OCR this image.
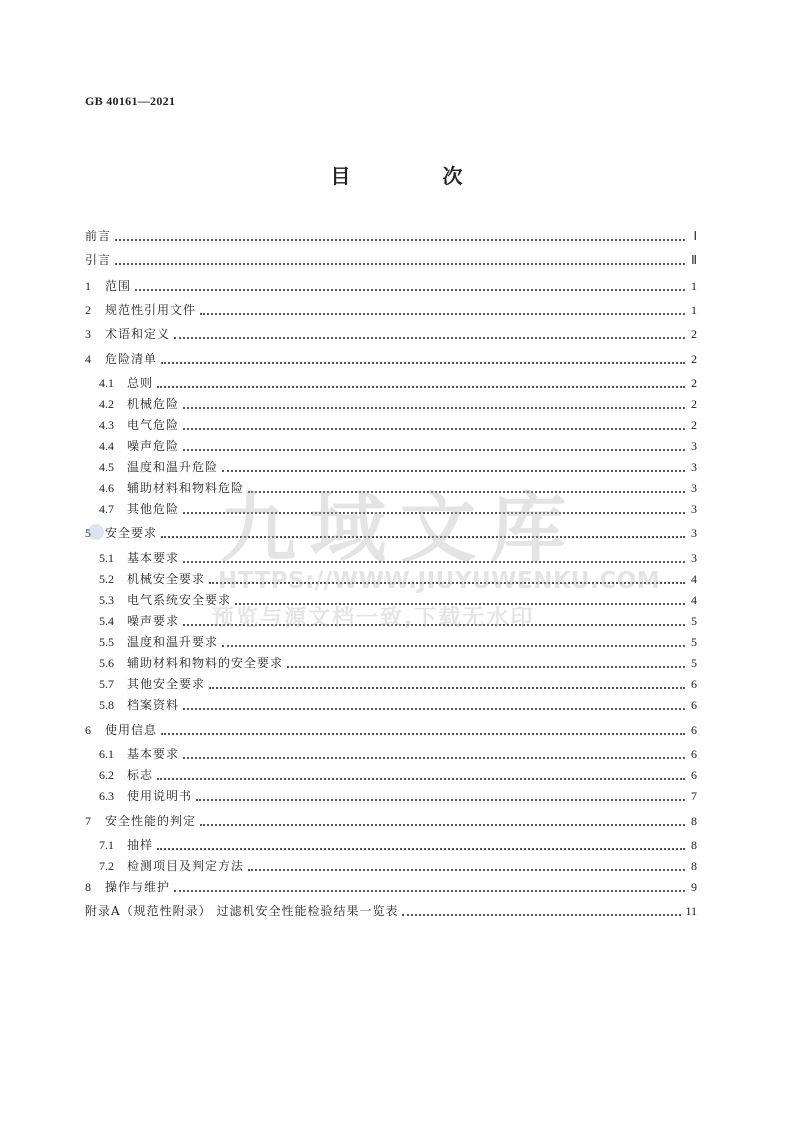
GB 40161—2021
目　次
前言	Ⅰ
引言	Ⅱ
1	范围	1
2	规范性引用文件	1
3	术语和定义	2
4	危险清单	2
4.1	总则	2
4.2	机械危险	2
4.3	电气危险	2
4.4	噪声危险	3
4.5	温度和温升危险	3
4.6	辅助材料和物料危险	3
4.7	其他危险	3
5	安全要求	3
5.1	基本要求	3
5.2	机械安全要求	4
5.3	电气系统安全要求	4
5.4	噪声要求	5
5.5	温度和温升要求	5
5.6	辅助材料和物料的安全要求	5
5.7	其他安全要求	6
5.8	档案资料	6
6	使用信息	6
6.1	基本要求	6
6.2	标志	6
6.3	使用说明书	7
7	安全性能的判定	8
7.1	抽样	8
7.2	检测项目及判定方法	8
8	操作与维护	9
附录A（规范性附录） 过滤机安全性能检验结果一览表	11
九域文库
HTTPS://WWW.JIUYUWENKU.COM
预览与源文档一致,下载无水印
